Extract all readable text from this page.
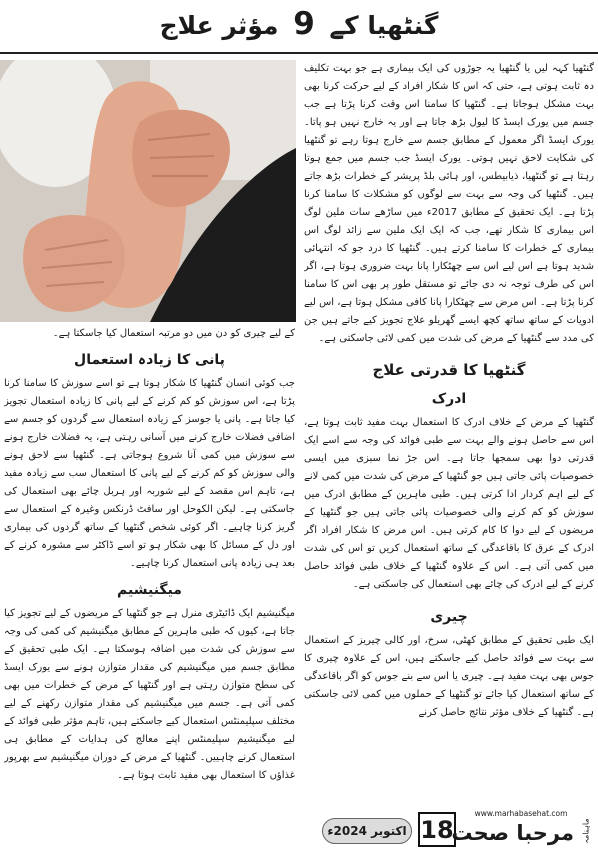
گنٹھیا کے 9 مؤثر علاج

گنٹھیا کہہ لیں یا گنٹھیا یہ جوڑوں کی ایک بیماری ہے جو بہت تکلیف دہ ثابت ہوتی ہے، حتی کہ اس کا شکار افراد کے لیے حرکت کرنا بھی بہت مشکل ہوجاتا ہے۔ گنٹھیا کا سامنا اس وقت کرنا پڑتا ہے جب جسم میں یورک ایسڈ کا لیول بڑھ جاتا ہے اور یہ خارج نہیں ہو پاتا۔ یورک ایسڈ اگر معمول کے مطابق جسم سے خارج ہوتا رہے تو گنٹھیا کی شکایت لاحق نہیں ہوتی۔ یورک ایسڈ جب جسم میں جمع ہوتا رہتا ہے تو گنٹھیا، ذیابیطس، اور ہائی بلڈ پریشر کے خطرات بڑھ جاتے ہیں۔ گنٹھیا کی وجہ سے بہت سے لوگوں کو مشکلات کا سامنا کرنا پڑتا ہے۔ ایک تحقیق کے مطابق 2017ء میں ساڑھے سات ملین لوگ اس بیماری کا شکار تھے، جب کہ ایک ایک ملین سے زائد لوگ اس بیماری کے خطرات کا سامنا کرتے ہیں۔ گنٹھیا کا درد جو کہ انتہائی شدید ہوتا ہے اس لیے اس سے چھٹکارا پانا بہت ضروری ہوتا ہے، اگر اس کی طرف توجہ نہ دی جائے تو مستقل طور پر بھی اس کا سامنا کرنا پڑتا ہے۔ اس مرض سے چھٹکارا پانا کافی مشکل ہوتا ہے، اس لیے ادویات کے ساتھ ساتھ کچھ ایسے گھریلو علاج تجویز کیے جاتے ہیں جن کی مدد سے گنٹھیا کے مرض کی شدت میں کمی لائی جاسکتی ہے۔

گنٹھیا کا قدرتی علاج
ادرک

گنٹھیا کے مرض کے خلاف ادرک کا استعمال بہت مفید ثابت ہوتا ہے، اس سے حاصل ہونے والے بہت سے طبی فوائد کی وجہ سے اسے ایک قدرتی دوا بھی سمجھا جاتا ہے۔ اس جڑ نما سبزی میں ایسی خصوصیات پائی جاتی ہیں جو گنٹھیا کے مرض کی شدت میں کمی لانے کے لیے اہم کردار ادا کرتی ہیں۔ طبی ماہرین کے مطابق ادرک میں سوزش کو کم کرنے والی خصوصیات پائی جاتی ہیں جو گنٹھیا کے مریضوں کے لیے دوا کا کام کرتی ہیں۔ اس مرض کا شکار افراد اگر ادرک کے عرق کا باقاعدگی کے ساتھ استعمال کریں تو اس کی شدت میں کمی آتی ہے۔ اس کے علاوہ گنٹھیا کے خلاف طبی فوائد حاصل کرنے کے لیے ادرک کی چائے بھی استعمال کی جاسکتی ہے۔

چیری

ایک طبی تحقیق کے مطابق کھٹی، سرخ، اور کالی چیریز کے استعمال سے بہت سے فوائد حاصل کیے جاسکتے ہیں، اس کے علاوہ چیری کا جوس بھی بہت مفید ہے۔ چیری یا اس سے بنے جوس کو اگر باقاعدگی کے ساتھ استعمال کیا جائے تو گنٹھیا کے حملوں میں کمی لائی جاسکتی ہے۔ گنٹھیا کے خلاف مؤثر نتائج حاصل کرنے

کے لیے چیری کو دن میں دو مرتبہ استعمال کیا جاسکتا ہے۔

پانی کا زیادہ استعمال

جب کوئی انسان گنٹھیا کا شکار ہوتا ہے تو اسے سوزش کا سامنا کرنا پڑتا ہے، اس سوزش کو کم کرنے کے لیے پانی کا زیادہ استعمال تجویز کیا جاتا ہے۔ پانی یا جوسز کے زیادہ استعمال سے گردوں کو جسم سے اضافی فضلات خارج کرنے میں آسانی رہتی ہے، یہ فضلات خارج ہونے سے سوزش میں کمی آنا شروع ہوجاتی ہے۔ گنٹھیا سے لاحق ہونے والی سوزش کو کم کرنے کے لیے پانی کا استعمال سب سے زیادہ مفید ہے، تاہم اس مقصد کے لیے شوربہ اور ہربل چائے بھی استعمال کی جاسکتی ہے۔ لیکن الکوحل اور سافٹ ڈرنکس وغیرہ کے استعمال سے گریز کرنا چاہیے۔ اگر کوئی شخص گنٹھیا کے ساتھ گردوں کی بیماری اور دل کے مسائل کا بھی شکار ہو تو اسے ڈاکٹر سے مشورہ کرنے کے بعد ہی زیادہ پانی استعمال کرنا چاہیے۔

میگنیشیم

میگنیشیم ایک ڈائیٹری منرل ہے جو گنٹھیا کے مریضوں کے لیے تجویز کیا جاتا ہے، کیوں کہ طبی ماہرین کے مطابق میگنیشیم کی کمی کی وجہ سے سوزش کی شدت میں اضافہ ہوسکتا ہے۔ ایک طبی تحقیق کے مطابق جسم میں میگنیشیم کی مقدار متوازن ہونے سے یورک ایسڈ کی سطح متوازن رہتی ہے اور گنٹھیا کے مرض کے خطرات میں بھی کمی آتی ہے۔ جسم میں میگنیشیم کی مقدار متوازن رکھنے کے لیے مختلف سپلیمنٹس استعمال کیے جاسکتے ہیں، تاہم مؤثر طبی فوائد کے لیے میگنیشیم سپلیمنٹس اپنے معالج کی ہدایات کے مطابق ہی استعمال کرنے چاہییں۔ گنٹھیا کے مرض کے دوران میگنیشیم سے بھرپور غذاؤں کا استعمال بھی مفید ثابت ہوتا ہے۔

اکتوبر 2024ء 18
www.marhabasehat.com
مرحبا صحت ماہنامہ
